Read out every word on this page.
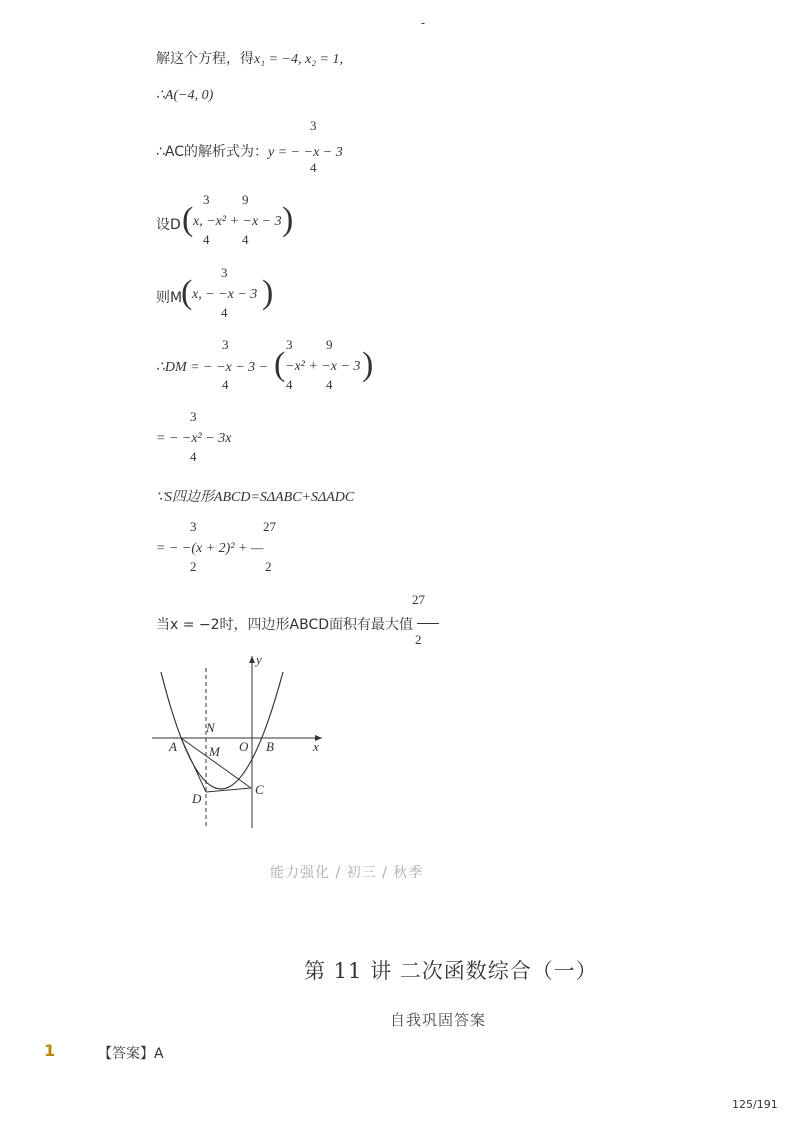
-
解这个方程，得x₁ = −4, x₂ = 1,
∴A(−4, 0)
∴AC的解析式为：y = − −x − 3
3
4
设D ( x, −x² + −x − 3 )
3
4
9
4
则M
( x, − −x − 3 )
3
4
∴DM = − −x − 3 − ( −x² + −x − 3 )
3
4
3
4
9
4
= − −x² − 3x
3
4
∵S四边形ABCD=SΔABC+SΔADC
= − −(x + 2)² + —
3
2
27
2
当x = −2时，四边形ABCD面积有最大值
27
2
y
x
N
A M O B
D
C
能力强化 / 初三 / 秋季
第 11 讲 二次函数综合（一）
自我巩固答案
1	【答案】A
125/191
